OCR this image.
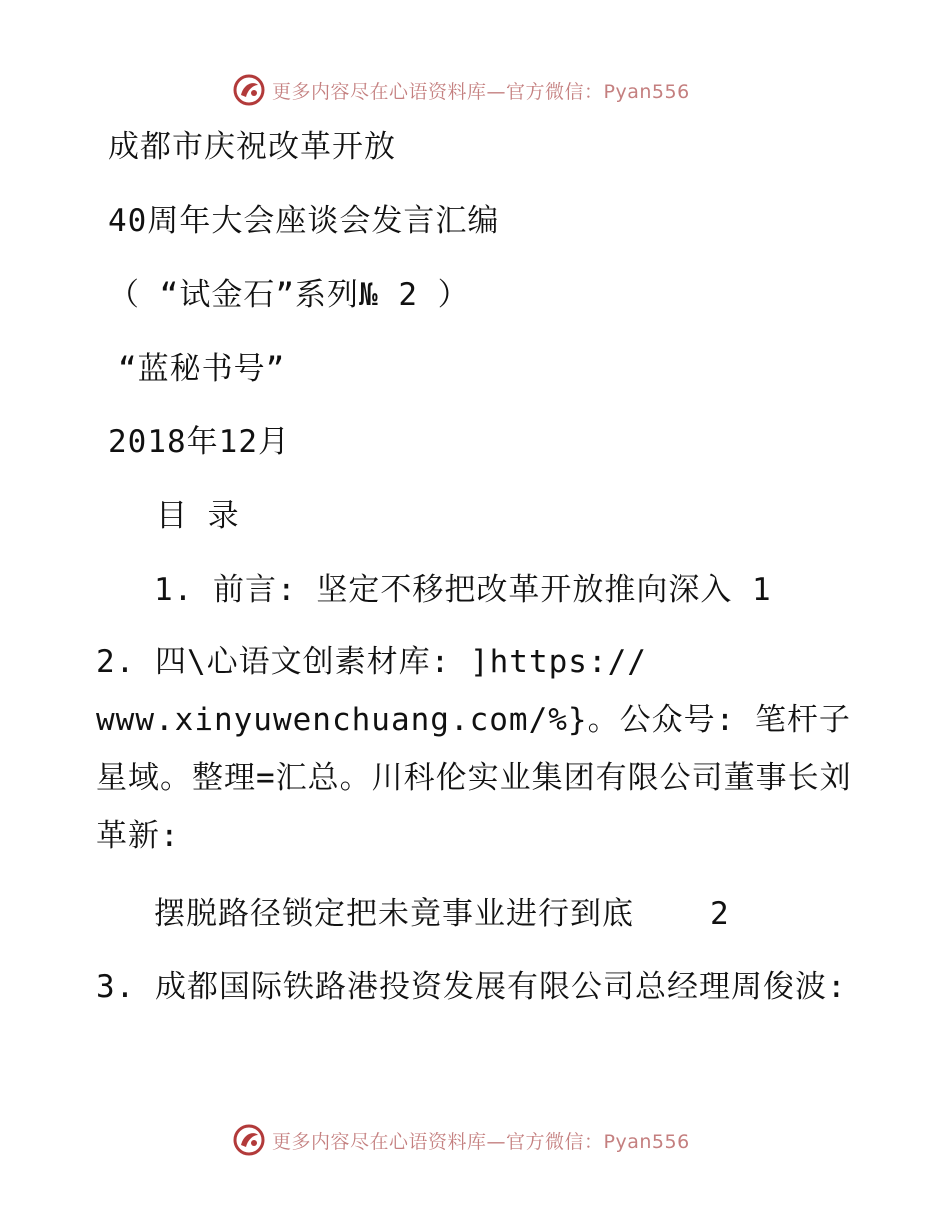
更多内容尽在心语资料库—官方微信：Pyan556
成都市庆祝改革开放
40周年大会座谈会发言汇编
（ “试金石”系列№ 2 ）
“蓝秘书号”
2018年12月
目 录
1. 前言: 坚定不移把改革开放推向深入 1
2. 四\心语文创素材库: ]https:// www.xinyuwenchuang.com/%}。公众号: 笔杆子星域。整理=汇总。川科伦实业集团有限公司董事长刘革新:
摆脱路径锁定把未竟事业进行到底 2
3. 成都国际铁路港投资发展有限公司总经理周俊波:
更多内容尽在心语资料库—官方微信：Pyan556
